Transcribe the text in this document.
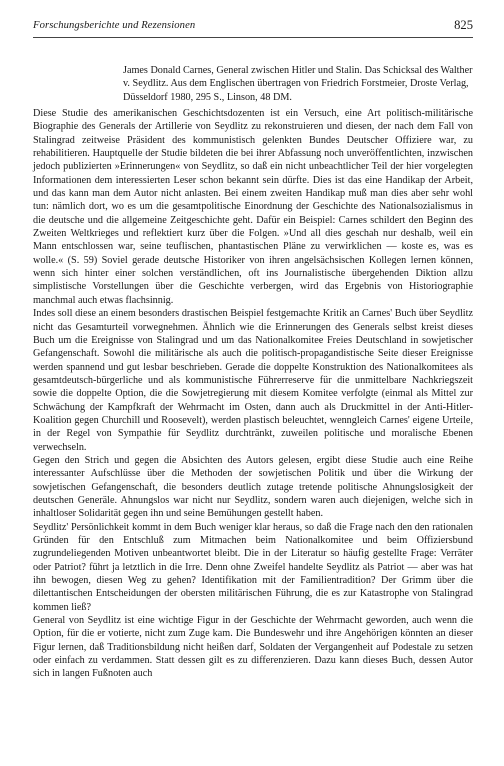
Forschungsberichte und Rezensionen	825

James Donald Carnes, General zwischen Hitler und Stalin. Das Schicksal des Walther v. Seydlitz. Aus dem Englischen übertragen von Friedrich Forstmeier, Droste Verlag, Düsseldorf 1980, 295 S., Linson, 48 DM.

Diese Studie des amerikanischen Geschichtsdozenten ist ein Versuch, eine Art politisch-militärische Biographie des Generals der Artillerie von Seydlitz zu rekonstruieren und diesen, der nach dem Fall von Stalingrad zeitweise Präsident des kommunistisch gelenkten Bundes Deutscher Offiziere war, zu rehabilitieren. Hauptquelle der Studie bildeten die bei ihrer Abfassung noch unveröffentlichten, inzwischen jedoch publizierten »Erinnerungen« von Seydlitz, so daß ein nicht unbeachtlicher Teil der hier vorgelegten Informationen dem interessierten Leser schon bekannt sein dürfte. Dies ist das eine Handikap der Arbeit, und das kann man dem Autor nicht anlasten. Bei einem zweiten Handikap muß man dies aber sehr wohl tun: nämlich dort, wo es um die gesamtpolitische Einordnung der Geschichte des Nationalsozialismus in die deutsche und die allgemeine Zeitgeschichte geht. Dafür ein Beispiel: Carnes schildert den Beginn des Zweiten Weltkrieges und reflektiert kurz über die Folgen. »Und all dies geschah nur deshalb, weil ein Mann entschlossen war, seine teuflischen, phantastischen Pläne zu verwirklichen — koste es, was es wolle.« (S. 59) Soviel gerade deutsche Historiker von ihren angelsächsischen Kollegen lernen können, wenn sich hinter einer solchen verständlichen, oft ins Journalistische übergehenden Diktion allzu simplistische Vorstellungen über die Geschichte verbergen, wird das Ergebnis von Historiographie manchmal auch etwas flachsinnig.

Indes soll diese an einem besonders drastischen Beispiel festgemachte Kritik an Carnes' Buch über Seydlitz nicht das Gesamturteil vorwegnehmen. Ähnlich wie die Erinnerungen des Generals selbst kreist dieses Buch um die Ereignisse von Stalingrad und um das Nationalkomitee Freies Deutschland in sowjetischer Gefangenschaft. Sowohl die militärische als auch die politisch-propagandistische Seite dieser Ereignisse werden spannend und gut lesbar beschrieben. Gerade die doppelte Konstruktion des Nationalkomitees als gesamtdeutsch-bürgerliche und als kommunistische Führerreserve für die unmittelbare Nachkriegszeit sowie die doppelte Option, die die Sowjetregierung mit diesem Komitee verfolgte (einmal als Mittel zur Schwächung der Kampfkraft der Wehrmacht im Osten, dann auch als Druckmittel in der Anti-Hitler-Koalition gegen Churchill und Roosevelt), werden plastisch beleuchtet, wenngleich Carnes' eigene Urteile, in der Regel von Sympathie für Seydlitz durchtränkt, zuweilen politische und moralische Ebenen verwechseln.

Gegen den Strich und gegen die Absichten des Autors gelesen, ergibt diese Studie auch eine Reihe interessanter Aufschlüsse über die Methoden der sowjetischen Politik und über die Wirkung der sowjetischen Gefangenschaft, die besonders deutlich zutage tretende politische Ahnungslosigkeit der deutschen Generäle. Ahnungslos war nicht nur Seydlitz, sondern waren auch diejenigen, welche sich in inhaltloser Solidarität gegen ihn und seine Bemühungen gestellt haben.

Seydlitz' Persönlichkeit kommt in dem Buch weniger klar heraus, so daß die Frage nach den den rationalen Gründen für den Entschluß zum Mitmachen beim Nationalkomitee und beim Offiziersbund zugrundeliegenden Motiven unbeantwortet bleibt. Die in der Literatur so häufig gestellte Frage: Verräter oder Patriot? führt ja letztlich in die Irre. Denn ohne Zweifel handelte Seydlitz als Patriot — aber was hat ihn bewogen, diesen Weg zu gehen? Identifikation mit der Familientradition? Der Grimm über die dilettantischen Entscheidungen der obersten militärischen Führung, die es zur Katastrophe von Stalingrad kommen ließ?

General von Seydlitz ist eine wichtige Figur in der Geschichte der Wehrmacht geworden, auch wenn die Option, für die er votierte, nicht zum Zuge kam. Die Bundeswehr und ihre Angehörigen könnten an dieser Figur lernen, daß Traditionsbildung nicht heißen darf, Soldaten der Vergangenheit auf Podestale zu setzen oder einfach zu verdammen. Statt dessen gilt es zu differenzieren. Dazu kann dieses Buch, dessen Autor sich in langen Fußnoten auch
